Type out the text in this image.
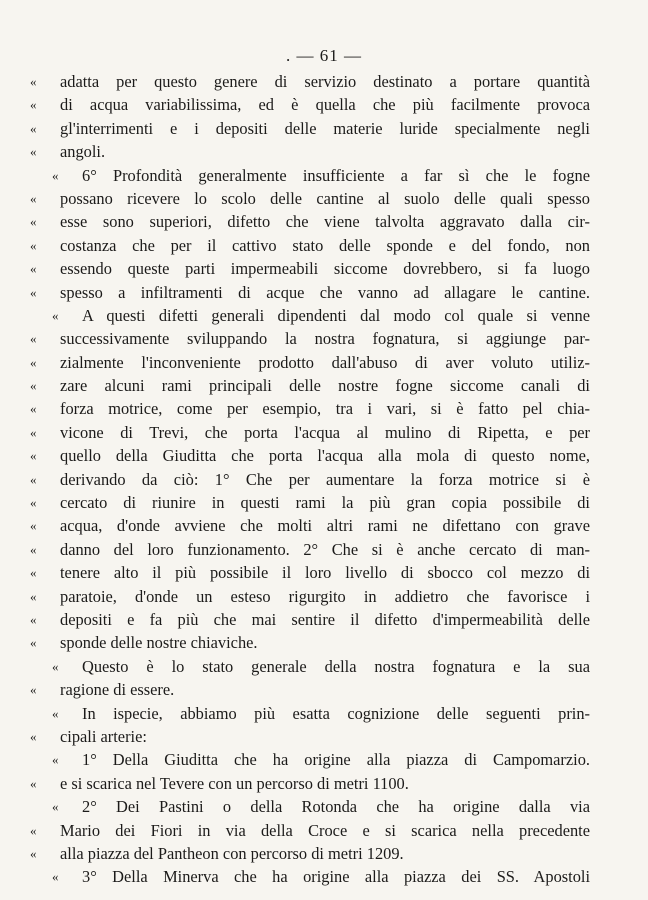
. — 61 —
« adatta per questo genere di servizio destinato a portare quantità
« di acqua variabilissima, ed è quella che più facilmente provoca
« gl'interrimenti e i depositi delle materie luride specialmente negli
« angoli.
« 6° Profondità generalmente insufficiente a far sì che le fogne
« possano ricevere lo scolo delle cantine al suolo delle quali spesso
« esse sono superiori, difetto che viene talvolta aggravato dalla cir-
« costanza che per il cattivo stato delle sponde e del fondo, non
« essendo queste parti impermeabili siccome dovrebbero, si fa luogo
« spesso a infiltramenti di acque che vanno ad allagare le cantine.
« A questi difetti generali dipendenti dal modo col quale si venne
« successivamente sviluppando la nostra fognatura, si aggiunge par-
« zialmente l'inconveniente prodotto dall'abuso di aver voluto utiliz-
« zare alcuni rami principali delle nostre fogne siccome canali di
« forza motrice, come per esempio, tra i vari, si è fatto pel chia-
« vicone di Trevi, che porta l'acqua al mulino di Ripetta, e per
« quello della Giuditta che porta l'acqua alla mola di questo nome,
« derivando da ciò: 1° Che per aumentare la forza motrice si è
« cercato di riunire in questi rami la più gran copia possibile di
« acqua, d'onde avviene che molti altri rami ne difettano con grave
« danno del loro funzionamento. 2° Che si è anche cercato di man-
« tenere alto il più possibile il loro livello di sbocco col mezzo di
« paratoie, d'onde un esteso rigurgito in addietro che favorisce i
« depositi e fa più che mai sentire il difetto d'impermeabilità delle
« sponde delle nostre chiaviche.
« Questo è lo stato generale della nostra fognatura e la sua
« ragione di essere.
« In ispecie, abbiamo più esatta cognizione delle seguenti prin-
« cipali arterie:
« 1° Della Giuditta che ha origine alla piazza di Campomarzio.
« e si scarica nel Tevere con un percorso di metri 1100.
« 2° Dei Pastini o della Rotonda che ha origine dalla via
« Mario dei Fiori in via della Croce e si scarica nella precedente
« alla piazza del Pantheon con percorso di metri 1209.
« 3° Della Minerva che ha origine alla piazza dei SS. Apostoli
